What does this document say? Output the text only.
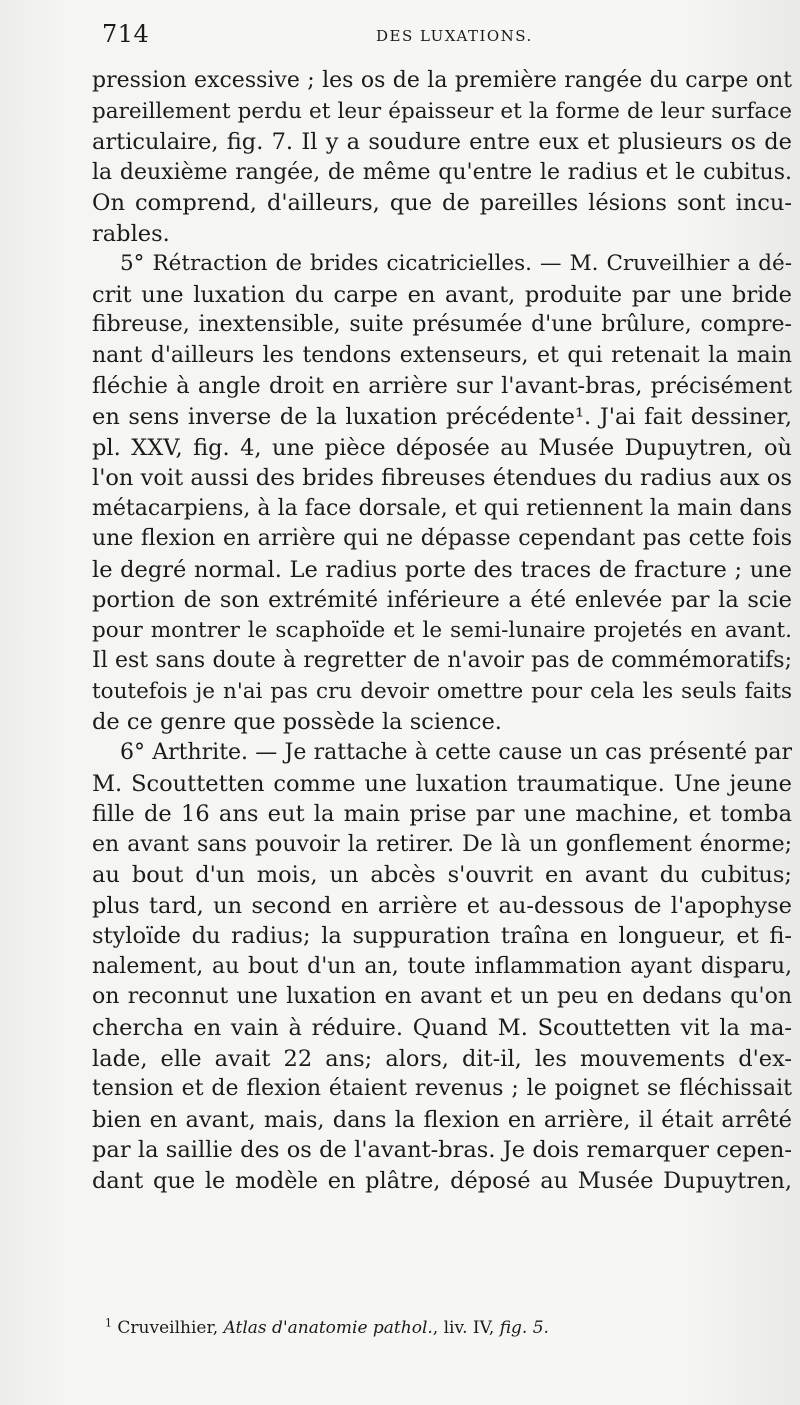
714	DES LUXATIONS.
pression excessive ; les os de la première rangée du carpe ont
pareillement perdu et leur épaisseur et la forme de leur surface
articulaire, fig. 7. Il y a soudure entre eux et plusieurs os de
la deuxième rangée, de même qu'entre le radius et le cubitus.
On comprend, d'ailleurs, que de pareilles lésions sont incu-
rables.
5° Rétraction de brides cicatricielles. — M. Cruveilhier a dé-
crit une luxation du carpe en avant, produite par une bride
fibreuse, inextensible, suite présumée d'une brûlure, compre-
nant d'ailleurs les tendons extenseurs, et qui retenait la main
fléchie à angle droit en arrière sur l'avant-bras, précisément
en sens inverse de la luxation précédente¹. J'ai fait dessiner,
pl. XXV, fig. 4, une pièce déposée au Musée Dupuytren, où
l'on voit aussi des brides fibreuses étendues du radius aux os
métacarpiens, à la face dorsale, et qui retiennent la main dans
une flexion en arrière qui ne dépasse cependant pas cette fois
le degré normal. Le radius porte des traces de fracture ; une
portion de son extrémité inférieure a été enlevée par la scie
pour montrer le scaphoïde et le semi-lunaire projetés en avant.
Il est sans doute à regretter de n'avoir pas de commémoratifs;
toutefois je n'ai pas cru devoir omettre pour cela les seuls faits
de ce genre que possède la science.
6° Arthrite. — Je rattache à cette cause un cas présenté par
M. Scouttetten comme une luxation traumatique. Une jeune
fille de 16 ans eut la main prise par une machine, et tomba
en avant sans pouvoir la retirer. De là un gonflement énorme;
au bout d'un mois, un abcès s'ouvrit en avant du cubitus;
plus tard, un second en arrière et au-dessous de l'apophyse
styloïde du radius; la suppuration traîna en longueur, et fi-
nalement, au bout d'un an, toute inflammation ayant disparu,
on reconnut une luxation en avant et un peu en dedans qu'on
chercha en vain à réduire. Quand M. Scouttetten vit la ma-
lade, elle avait 22 ans; alors, dit-il, les mouvements d'ex-
tension et de flexion étaient revenus ; le poignet se fléchissait
bien en avant, mais, dans la flexion en arrière, il était arrêté
par la saillie des os de l'avant-bras. Je dois remarquer cepen-
dant que le modèle en plâtre, déposé au Musée Dupuytren,
$^1$ Cruveilhier, Atlas d'anatomie pathol., liv. IV, fig. 5.
